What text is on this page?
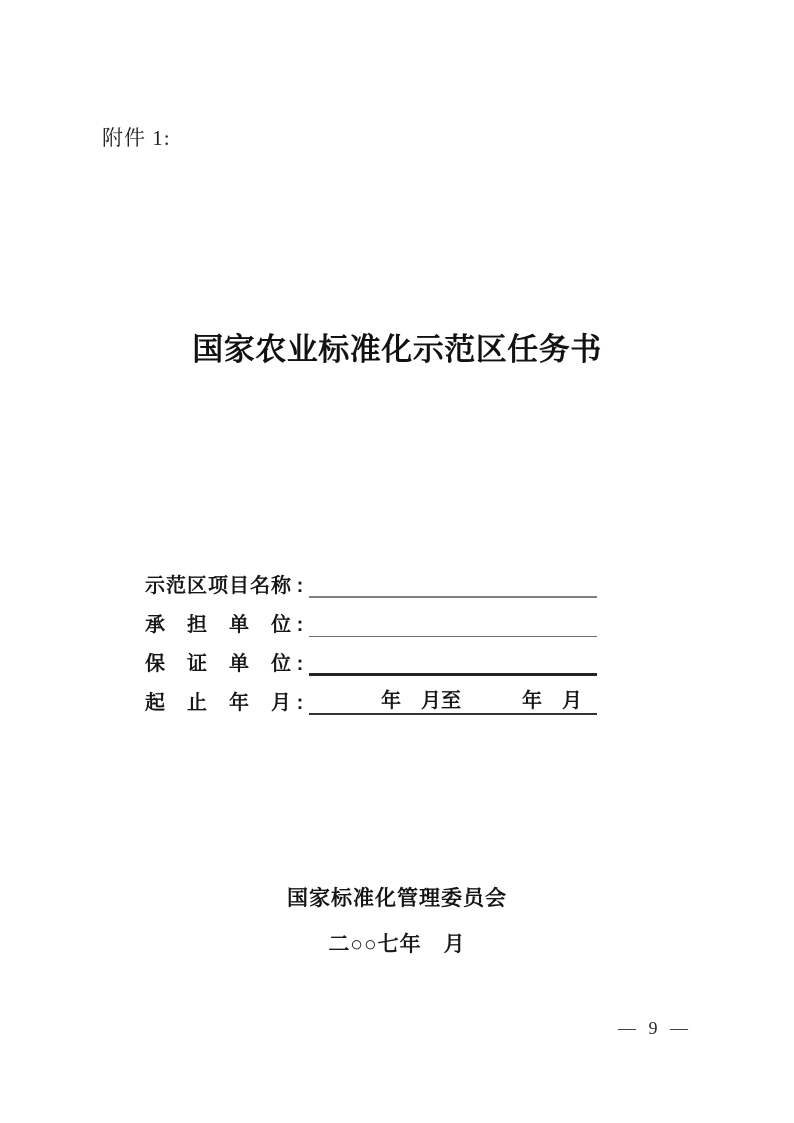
附件 1:
国家农业标准化示范区任务书
示范区项目名称 :
承担单位 :
保证单位 :
起止年月 :	年　月至	年　月
国家标准化管理委员会
二○○七年　月
— 9 —
